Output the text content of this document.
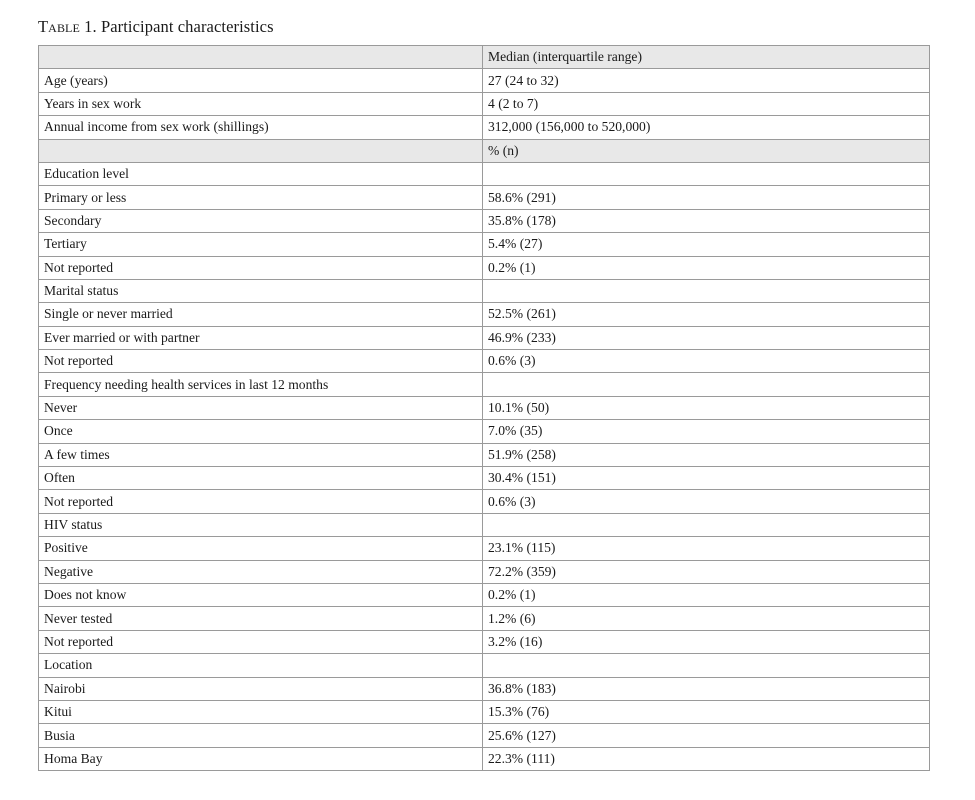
Table 1. Participant characteristics
	Median (interquartile range)
Age (years)	27 (24 to 32)
Years in sex work	4 (2 to 7)
Annual income from sex work (shillings)	312,000 (156,000 to 520,000)
	% (n)
Education level	
Primary or less	58.6% (291)
Secondary	35.8% (178)
Tertiary	5.4% (27)
Not reported	0.2% (1)
Marital status	
Single or never married	52.5% (261)
Ever married or with partner	46.9% (233)
Not reported	0.6% (3)
Frequency needing health services in last 12 months	
Never	10.1% (50)
Once	7.0% (35)
A few times	51.9% (258)
Often	30.4% (151)
Not reported	0.6% (3)
HIV status	
Positive	23.1% (115)
Negative	72.2% (359)
Does not know	0.2% (1)
Never tested	1.2% (6)
Not reported	3.2% (16)
Location	
Nairobi	36.8% (183)
Kitui	15.3% (76)
Busia	25.6% (127)
Homa Bay	22.3% (111)
